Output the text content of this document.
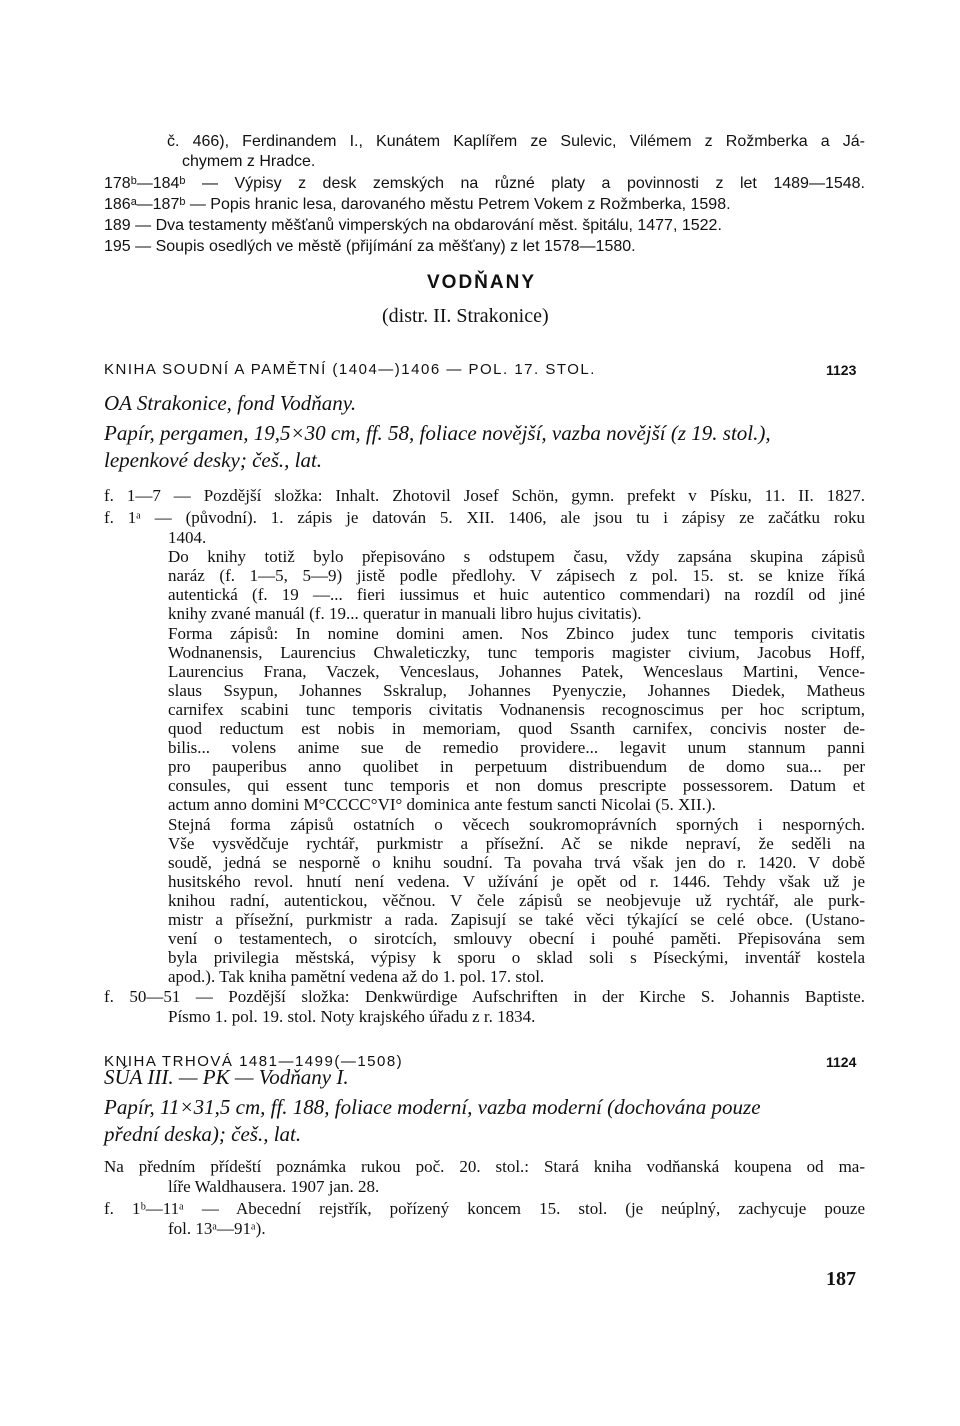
č. 466), Ferdinandem I., Kunátem Kaplířem ze Sulevic, Vilémem z Rožmberka a Já-
chymem z Hradce.
178ᵇ—184ᵇ — Výpisy z desk zemských na různé platy a povinnosti z let 1489—1548.
186ᵃ—187ᵇ — Popis hranic lesa, darovaného městu Petrem Vokem z Rožmberka, 1598.
189 — Dva testamenty měšťanů vimperských na obdarování měst. špitálu, 1477, 1522.
195 — Soupis osedlých ve městě (přijímání za měšťany) z let 1578—1580.
VODŇANY
(distr. II. Strakonice)
KNIHA SOUDNÍ A PAMĚTNÍ (1404—)1406 — POL. 17. STOL.	1123
OA Strakonice, fond Vodňany.
Papír, pergamen, 19,5×30 cm, ff. 58, foliace novější, vazba novější (z 19. stol.),
lepenkové desky; češ., lat.
f. 1—7 — Pozdější složka: Inhalt. Zhotovil Josef Schön, gymn. prefekt v Písku, 11. II. 1827.
f. 1ᵃ — (původní). 1. zápis je datován 5. XII. 1406, ale jsou tu i zápisy ze začátku roku
1404.
Do knihy totiž bylo přepisováno s odstupem času, vždy zapsána skupina zápisů
naráz (f. 1—5, 5—9) jistě podle předlohy. V zápisech z pol. 15. st. se knize říká
autentická (f. 19 —... fieri iussimus et huic autentico commendari) na rozdíl od jiné
knihy zvané manuál (f. 19... queratur in manuali libro hujus civitatis).
Forma zápisů: In nomine domini amen. Nos Zbinco judex tunc temporis civitatis
Wodnanensis, Laurencius Chwaleticzky, tunc temporis magister civium, Jacobus Hoff,
Laurencius Frana, Vaczek, Venceslaus, Johannes Patek, Wenceslaus Martini, Vence-
slaus Ssypun, Johannes Sskralup, Johannes Pyenyczie, Johannes Diedek, Matheus
carnifex scabini tunc temporis civitatis Vodnanensis recognoscimus per hoc scriptum,
quod reductum est nobis in memoriam, quod Ssanth carnifex, concivis noster de-
bilis... volens anime sue de remedio providere... legavit unum stannum panni
pro pauperibus anno quolibet in perpetuum distribuendum de domo sua... per
consules, qui essent tunc temporis et non domus prescripte possessorem. Datum et
actum anno domini M°CCCC°VI° dominica ante festum sancti Nicolai (5. XII.).
Stejná forma zápisů ostatních o věcech soukromoprávních sporných i nesporných.
Vše vysvědčuje rychtář, purkmistr a přísežní. Ač se nikde nepraví, že seděli na
soudě, jedná se nesporně o knihu soudní. Ta povaha trvá však jen do r. 1420. V době
husitského revol. hnutí není vedena. V užívání je opět od r. 1446. Tehdy však už je
knihou radní, autentickou, věčnou. V čele zápisů se neobjevuje už rychtář, ale purk-
mistr a přísežní, purkmistr a rada. Zapisují se také věci týkající se celé obce. (Ustano-
vení o testamentech, o sirotcích, smlouvy obecní i pouhé paměti. Přepisována sem
byla privilegia městská, výpisy k sporu o sklad soli s Píseckými, inventář kostela
apod.). Tak kniha pamětní vedena až do 1. pol. 17. stol.
f. 50—51 — Pozdější složka: Denkwürdige Aufschriften in der Kirche S. Johannis Baptiste.
Písmo 1. pol. 19. stol. Noty krajského úřadu z r. 1834.
KNIHA TRHOVÁ 1481—1499(—1508)	1124
SÚA III. — PK — Vodňany I.
Papír, 11×31,5 cm, ff. 188, foliace moderní, vazba moderní (dochována pouze
přední deska); češ., lat.
Na předním přídeští poznámka rukou poč. 20. stol.: Stará kniha vodňanská koupena od ma-
líře Waldhausera. 1907 jan. 28.
f. 1ᵇ—11ᵃ — Abecední rejstřík, pořízený koncem 15. stol. (je neúplný, zachycuje pouze
fol. 13ᵃ—91ᵃ).
187
